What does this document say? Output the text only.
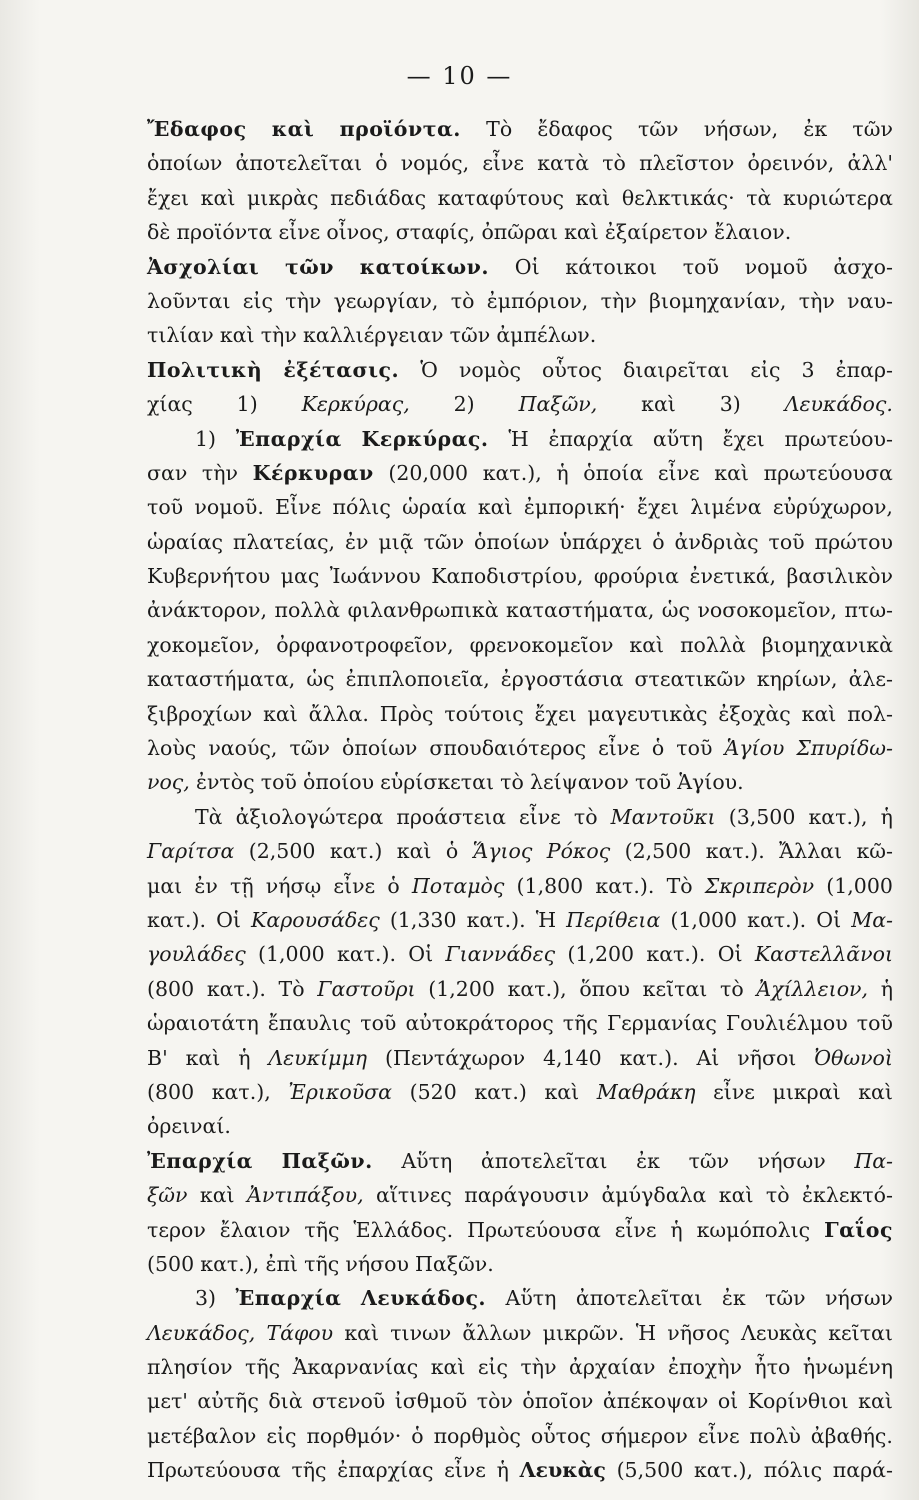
— 10 —
Ἔδαφος καὶ προϊόντα. Τὸ ἔδαφος τῶν νήσων, ἐκ τῶν
ὁποίων ἀποτελεῖται ὁ νομός, εἶνε κατὰ τὸ πλεῖστον ὀρεινόν, ἀλλ'
ἔχει καὶ μικρὰς πεδιάδας καταφύτους καὶ θελκτικάς· τὰ κυριώτερα
δὲ προϊόντα εἶνε οἶνος, σταφίς, ὀπῶραι καὶ ἐξαίρετον ἔλαιον.
Ἀσχολίαι τῶν κατοίκων. Οἱ κάτοικοι τοῦ νομοῦ ἀσχο-
λοῦνται εἰς τὴν γεωργίαν, τὸ ἐμπόριον, τὴν βιομηχανίαν, τὴν ναυ-
τιλίαν καὶ τὴν καλλιέργειαν τῶν ἀμπέλων.
Πολιτικὴ ἐξέτασις. Ὁ νομὸς οὗτος διαιρεῖται εἰς 3 ἐπαρ-
χίας 1) Κερκύρας, 2) Παξῶν, καὶ 3) Λευκάδος.
1) Ἐπαρχία Κερκύρας. Ἡ ἐπαρχία αὕτη ἔχει πρωτεύου-
σαν τὴν Κέρκυραν (20,000 κατ.), ἡ ὁποία εἶνε καὶ πρωτεύουσα
τοῦ νομοῦ. Εἶνε πόλις ὡραία καὶ ἐμπορική· ἔχει λιμένα εὐρύχωρον,
ὡραίας πλατείας, ἐν μιᾷ τῶν ὁποίων ὑπάρχει ὁ ἀνδριὰς τοῦ πρώτου
Κυβερνήτου μας Ἰωάννου Καποδιστρίου, φρούρια ἐνετικά, βασιλικὸν
ἀνάκτορον, πολλὰ φιλανθρωπικὰ καταστήματα, ὡς νοσοκομεῖον, πτω-
χοκομεῖον, ὀρφανοτροφεῖον, φρενοκομεῖον καὶ πολλὰ βιομηχανικὰ
καταστήματα, ὡς ἐπιπλοποιεῖα, ἐργοστάσια στεατικῶν κηρίων, ἀλε-
ξιβροχίων καὶ ἄλλα. Πρὸς τούτοις ἔχει μαγευτικὰς ἐξοχὰς καὶ πολ-
λοὺς ναούς, τῶν ὁποίων σπουδαιότερος εἶνε ὁ τοῦ Ἁγίου Σπυρίδω-
νος, ἐντὸς τοῦ ὁποίου εὑρίσκεται τὸ λείψανον τοῦ Ἁγίου.
Τὰ ἀξιολογώτερα προάστεια εἶνε τὸ Μαντοῦκι (3,500 κατ.), ἡ
Γαρίτσα (2,500 κατ.) καὶ ὁ Ἅγιος Ρόκος (2,500 κατ.). Ἄλλαι κῶ-
μαι ἐν τῇ νήσῳ εἶνε ὁ Ποταμὸς (1,800 κατ.). Τὸ Σκριπερὸν (1,000
κατ.). Οἱ Καρουσάδες (1,330 κατ.). Ἡ Περίθεια (1,000 κατ.). Οἱ Μα-
γουλάδες (1,000 κατ.). Οἱ Γιαννάδες (1,200 κατ.). Οἱ Καστελλᾶνοι
(800 κατ.). Τὸ Γαστοῦρι (1,200 κατ.), ὅπου κεῖται τὸ Ἀχίλλειον, ἡ
ὡραιοτάτη ἔπαυλις τοῦ αὐτοκράτορος τῆς Γερμανίας Γουλιέλμου τοῦ
Β' καὶ ἡ Λευκίμμη (Πεντάχωρον 4,140 κατ.). Αἱ νῆσοι Ὀθωνοὶ
(800 κατ.), Ἐρικοῦσα (520 κατ.) καὶ Μαθράκη εἶνε μικραὶ καὶ
ὀρειναί.
Ἐπαρχία Παξῶν. Αὕτη ἀποτελεῖται ἐκ τῶν νήσων Πα-
ξῶν καὶ Ἀντιπάξου, αἵτινες παράγουσιν ἀμύγδαλα καὶ τὸ ἐκλεκτό-
τερον ἔλαιον τῆς Ἑλλάδος. Πρωτεύουσα εἶνε ἡ κωμόπολις Γαΐος
(500 κατ.), ἐπὶ τῆς νήσου Παξῶν.
3) Ἐπαρχία Λευκάδος. Αὕτη ἀποτελεῖται ἐκ τῶν νήσων
Λευκάδος, Τάφου καὶ τινων ἄλλων μικρῶν. Ἡ νῆσος Λευκὰς κεῖται
πλησίον τῆς Ἀκαρνανίας καὶ εἰς τὴν ἀρχαίαν ἐποχὴν ἦτο ἡνωμένη
μετ' αὐτῆς διὰ στενοῦ ἰσθμοῦ τὸν ὁποῖον ἀπέκοψαν οἱ Κορίνθιοι καὶ
μετέβαλον εἰς πορθμόν· ὁ πορθμὸς οὗτος σήμερον εἶνε πολὺ ἀβαθής.
Πρωτεύουσα τῆς ἐπαρχίας εἶνε ἡ Λευκὰς (5,500 κατ.), πόλις παρά-
